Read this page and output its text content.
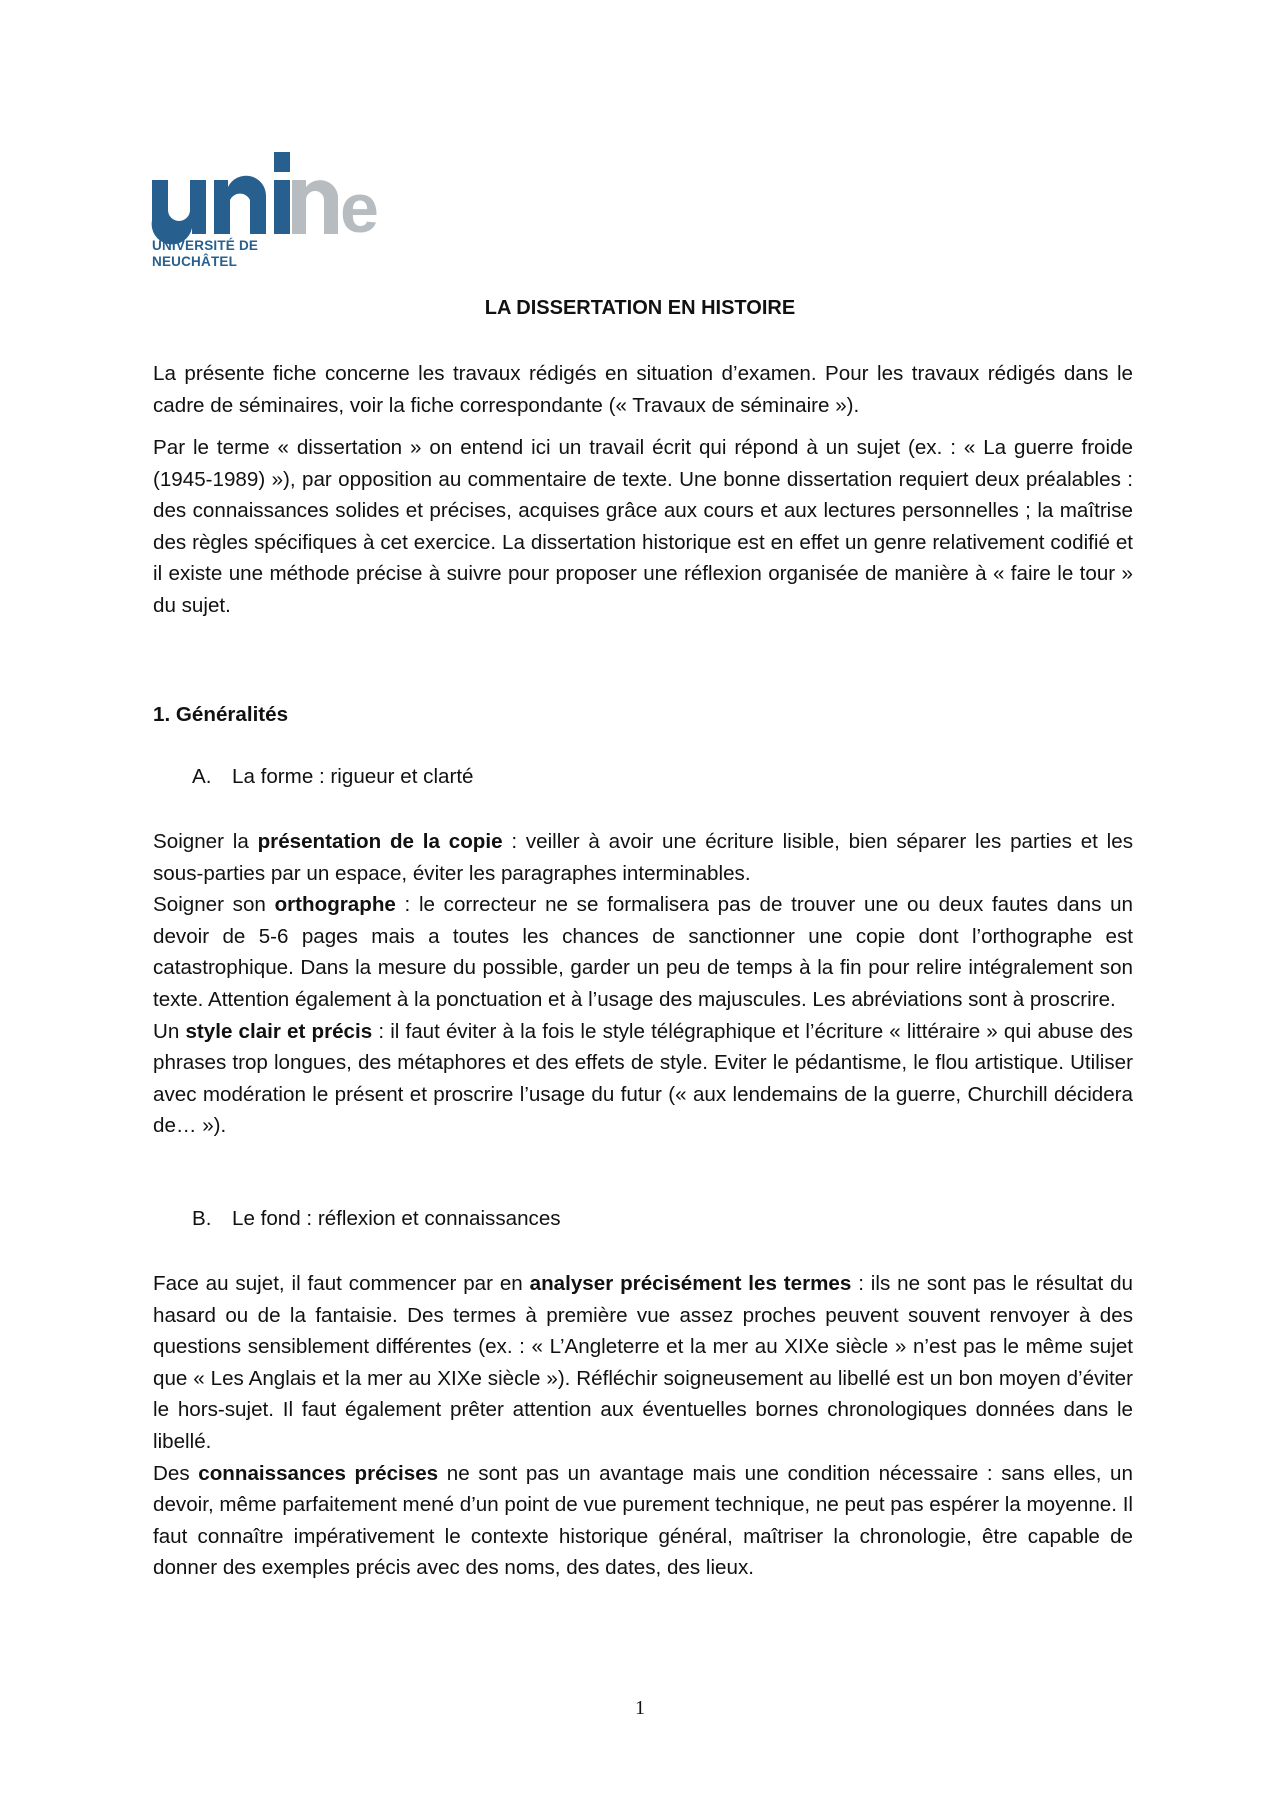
e
UNIVERSITÉ DE
NEUCHÂTEL
LA DISSERTATION EN HISTOIRE

La présente fiche concerne les travaux rédigés en situation d’examen. Pour les travaux rédigés dans le cadre de séminaires, voir la fiche correspondante (« Travaux de séminaire »).

Par le terme « dissertation » on entend ici un travail écrit qui répond à un sujet (ex. : « La guerre froide (1945-1989) »), par opposition au commentaire de texte. Une bonne dissertation requiert deux préalables : des connaissances solides et précises, acquises grâce aux cours et aux lectures personnelles ; la maîtrise des règles spécifiques à cet exercice. La dissertation historique est en effet un genre relativement codifié et il existe une méthode précise à suivre pour proposer une réflexion organisée de manière à « faire le tour » du sujet.

1. Généralités
A. La forme : rigueur et clarté
Soigner la présentation de la copie : veiller à avoir une écriture lisible, bien séparer les parties et les sous-parties par un espace, éviter les paragraphes interminables.
Soigner son orthographe : le correcteur ne se formalisera pas de trouver une ou deux fautes dans un devoir de 5-6 pages mais a toutes les chances de sanctionner une copie dont l’orthographe est catastrophique. Dans la mesure du possible, garder un peu de temps à la fin pour relire intégralement son texte. Attention également à la ponctuation et à l’usage des majuscules. Les abréviations sont à proscrire.
Un style clair et précis : il faut éviter à la fois le style télégraphique et l’écriture « littéraire » qui abuse des phrases trop longues, des métaphores et des effets de style. Eviter le pédantisme, le flou artistique. Utiliser avec modération le présent et proscrire l’usage du futur (« aux lendemains de la guerre, Churchill décidera de… »).
B. Le fond : réflexion et connaissances
Face au sujet, il faut commencer par en analyser précisément les termes : ils ne sont pas le résultat du hasard ou de la fantaisie. Des termes à première vue assez proches peuvent souvent renvoyer à des questions sensiblement différentes (ex. : « L’Angleterre et la mer au XIXe siècle » n’est pas le même sujet que « Les Anglais et la mer au XIXe siècle »). Réfléchir soigneusement au libellé est un bon moyen d’éviter le hors-sujet. Il faut également prêter attention aux éventuelles bornes chronologiques données dans le libellé.
Des connaissances précises ne sont pas un avantage mais une condition nécessaire : sans elles, un devoir, même parfaitement mené d’un point de vue purement technique, ne peut pas espérer la moyenne. Il faut connaître impérativement le contexte historique général, maîtriser la chronologie, être capable de donner des exemples précis avec des noms, des dates, des lieux.
1
